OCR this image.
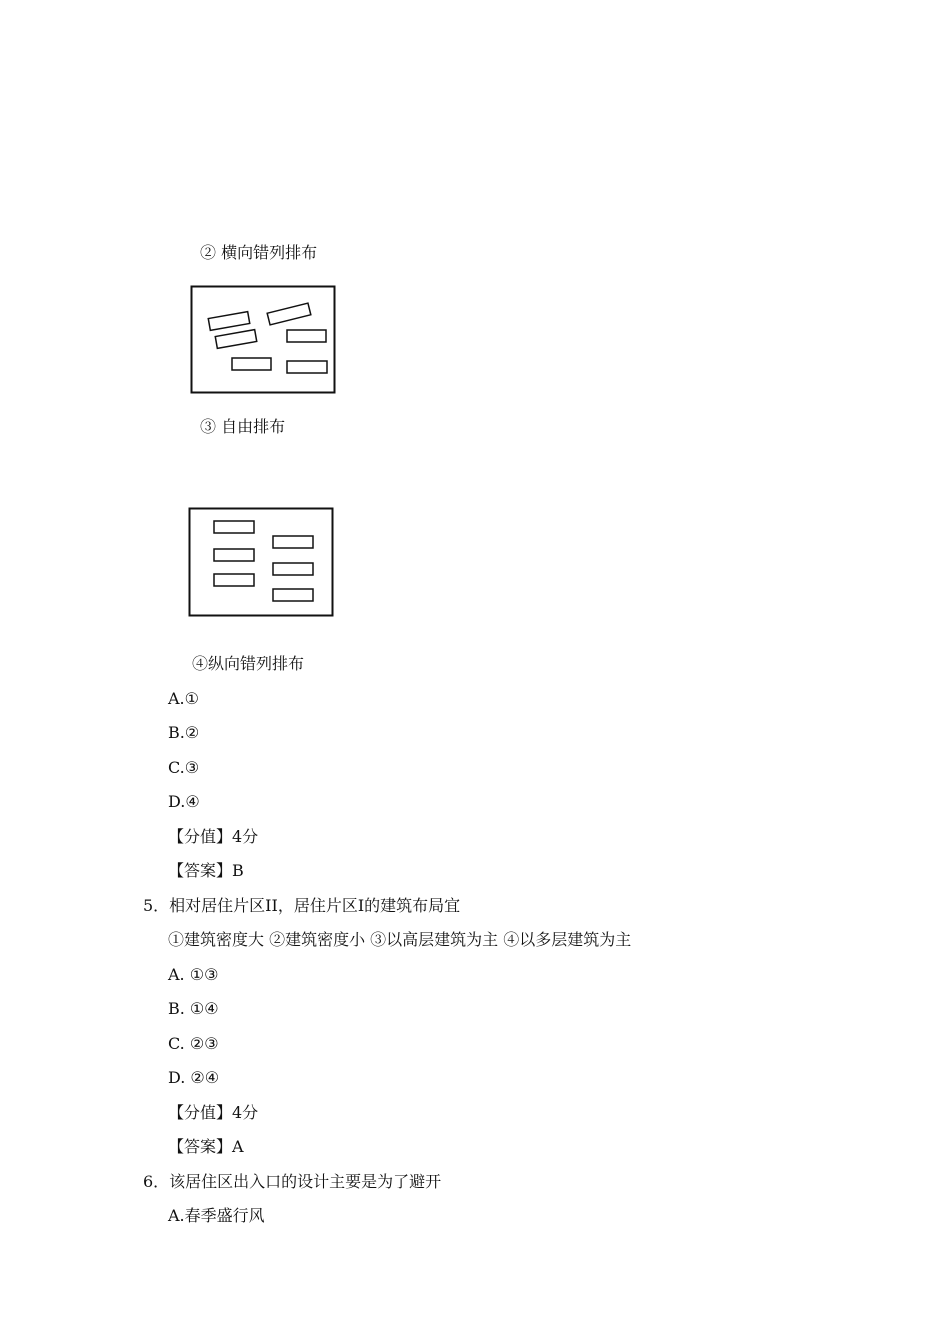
② 横向错列排布
③ 自由排布
④纵向错列排布
A.①
B.②
C.③
D.④
【分值】4分
【答案】B
5．相对居住片区II，居住片区I的建筑布局宜
①建筑密度大 ②建筑密度小 ③以高层建筑为主 ④以多层建筑为主
A. ①③
B. ①④
C. ②③
D. ②④
【分值】4分
【答案】A
6．该居住区出入口的设计主要是为了避开
A.春季盛行风
